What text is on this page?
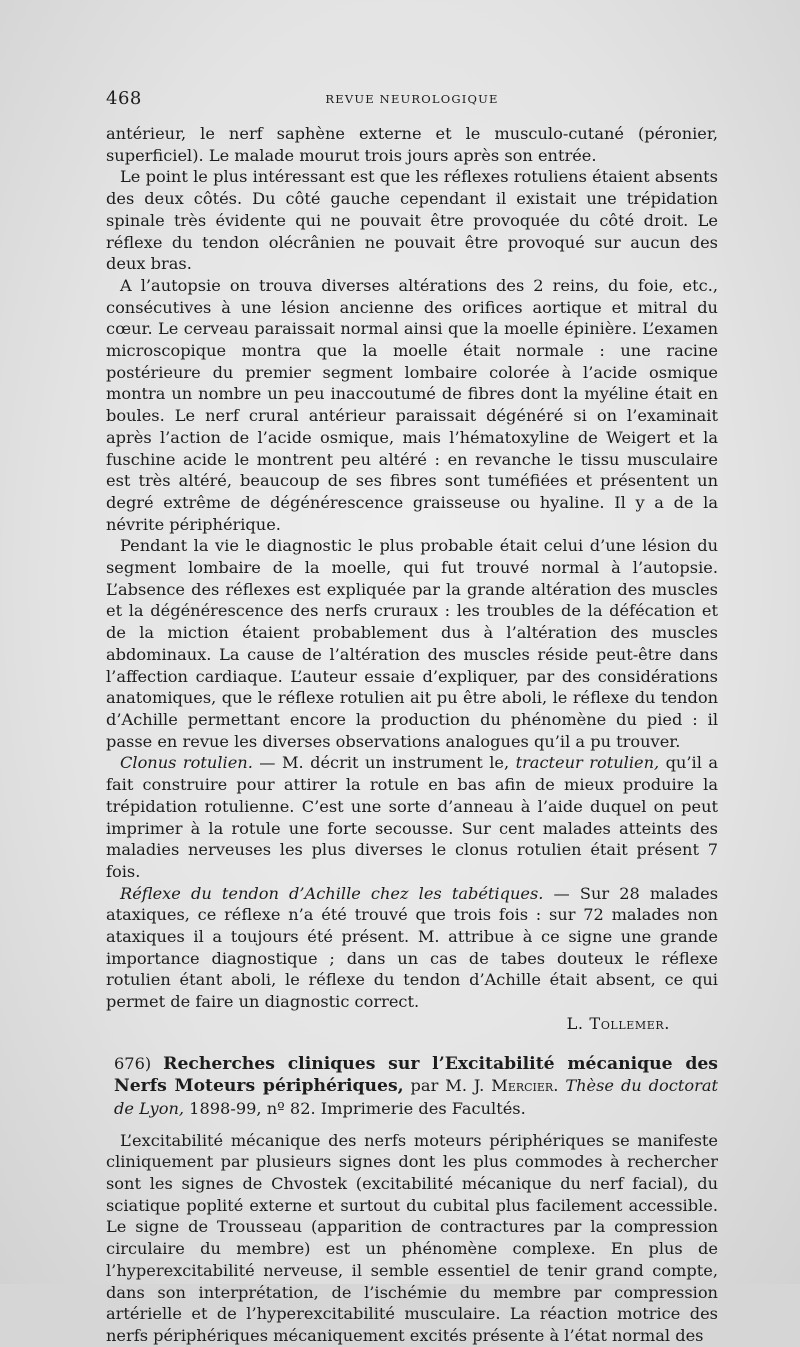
468	REVUE NEUROLOGIQUE

antérieur, le nerf saphène externe et le musculo-cutané (péronier, superficiel). Le malade mourut trois jours après son entrée.

Le point le plus intéressant est que les réflexes rotuliens étaient absents des deux côtés. Du côté gauche cependant il existait une trépidation spinale très évidente qui ne pouvait être provoquée du côté droit. Le réflexe du tendon olécrânien ne pouvait être provoqué sur aucun des deux bras.

A l’autopsie on trouva diverses altérations des 2 reins, du foie, etc., consécutives à une lésion ancienne des orifices aortique et mitral du cœur. Le cerveau paraissait normal ainsi que la moelle épinière. L’examen microscopique montra que la moelle était normale : une racine postérieure du premier segment lombaire colorée à l’acide osmique montra un nombre un peu inaccoutumé de fibres dont la myéline était en boules. Le nerf crural antérieur paraissait dégénéré si on l’examinait après l’action de l’acide osmique, mais l’hématoxyline de Weigert et la fuschine acide le montrent peu altéré : en revanche le tissu musculaire est très altéré, beaucoup de ses fibres sont tuméfiées et présentent un degré extrême de dégénérescence graisseuse ou hyaline. Il y a de la névrite périphérique.

Pendant la vie le diagnostic le plus probable était celui d’une lésion du segment lombaire de la moelle, qui fut trouvé normal à l’autopsie. L’absence des réflexes est expliquée par la grande altération des muscles et la dégénérescence des nerfs cruraux : les troubles de la défécation et de la miction étaient probablement dus à l’altération des muscles abdominaux. La cause de l’altération des muscles réside peut-être dans l’affection cardiaque. L’auteur essaie d’expliquer, par des considérations anatomiques, que le réflexe rotulien ait pu être aboli, le réflexe du tendon d’Achille permettant encore la production du phénomène du pied : il passe en revue les diverses observations analogues qu’il a pu trouver.

Clonus rotulien. — M. décrit un instrument le, tracteur rotulien, qu’il a fait construire pour attirer la rotule en bas afin de mieux produire la trépidation rotulienne. C’est une sorte d’anneau à l’aide duquel on peut imprimer à la rotule une forte secousse. Sur cent malades atteints des maladies nerveuses les plus diverses le clonus rotulien était présent 7 fois.

Réflexe du tendon d’Achille chez les tabétiques. — Sur 28 malades ataxiques, ce réflexe n’a été trouvé que trois fois : sur 72 malades non ataxiques il a toujours été présent. M. attribue à ce signe une grande importance diagnostique ; dans un cas de tabes douteux le réflexe rotulien étant aboli, le réflexe du tendon d’Achille était absent, ce qui permet de faire un diagnostic correct.

L. Tollemer.

676) Recherches cliniques sur l’Excitabilité mécanique des Nerfs Moteurs périphériques, par M. J. Mercier. Thèse du doctorat de Lyon, 1898-99, nº 82. Imprimerie des Facultés.

L’excitabilité mécanique des nerfs moteurs périphériques se manifeste cliniquement par plusieurs signes dont les plus commodes à rechercher sont les signes de Chvostek (excitabilité mécanique du nerf facial), du sciatique poplité externe et surtout du cubital plus facilement accessible. Le signe de Trousseau (apparition de contractures par la compression circulaire du membre) est un phénomène complexe. En plus de l’hyperexcitabilité nerveuse, il semble essentiel de tenir grand compte, dans son interprétation, de l’ischémie du membre par compression artérielle et de l’hyperexcitabilité musculaire. La réaction motrice des nerfs périphériques mécaniquement excités présente à l’état normal des
